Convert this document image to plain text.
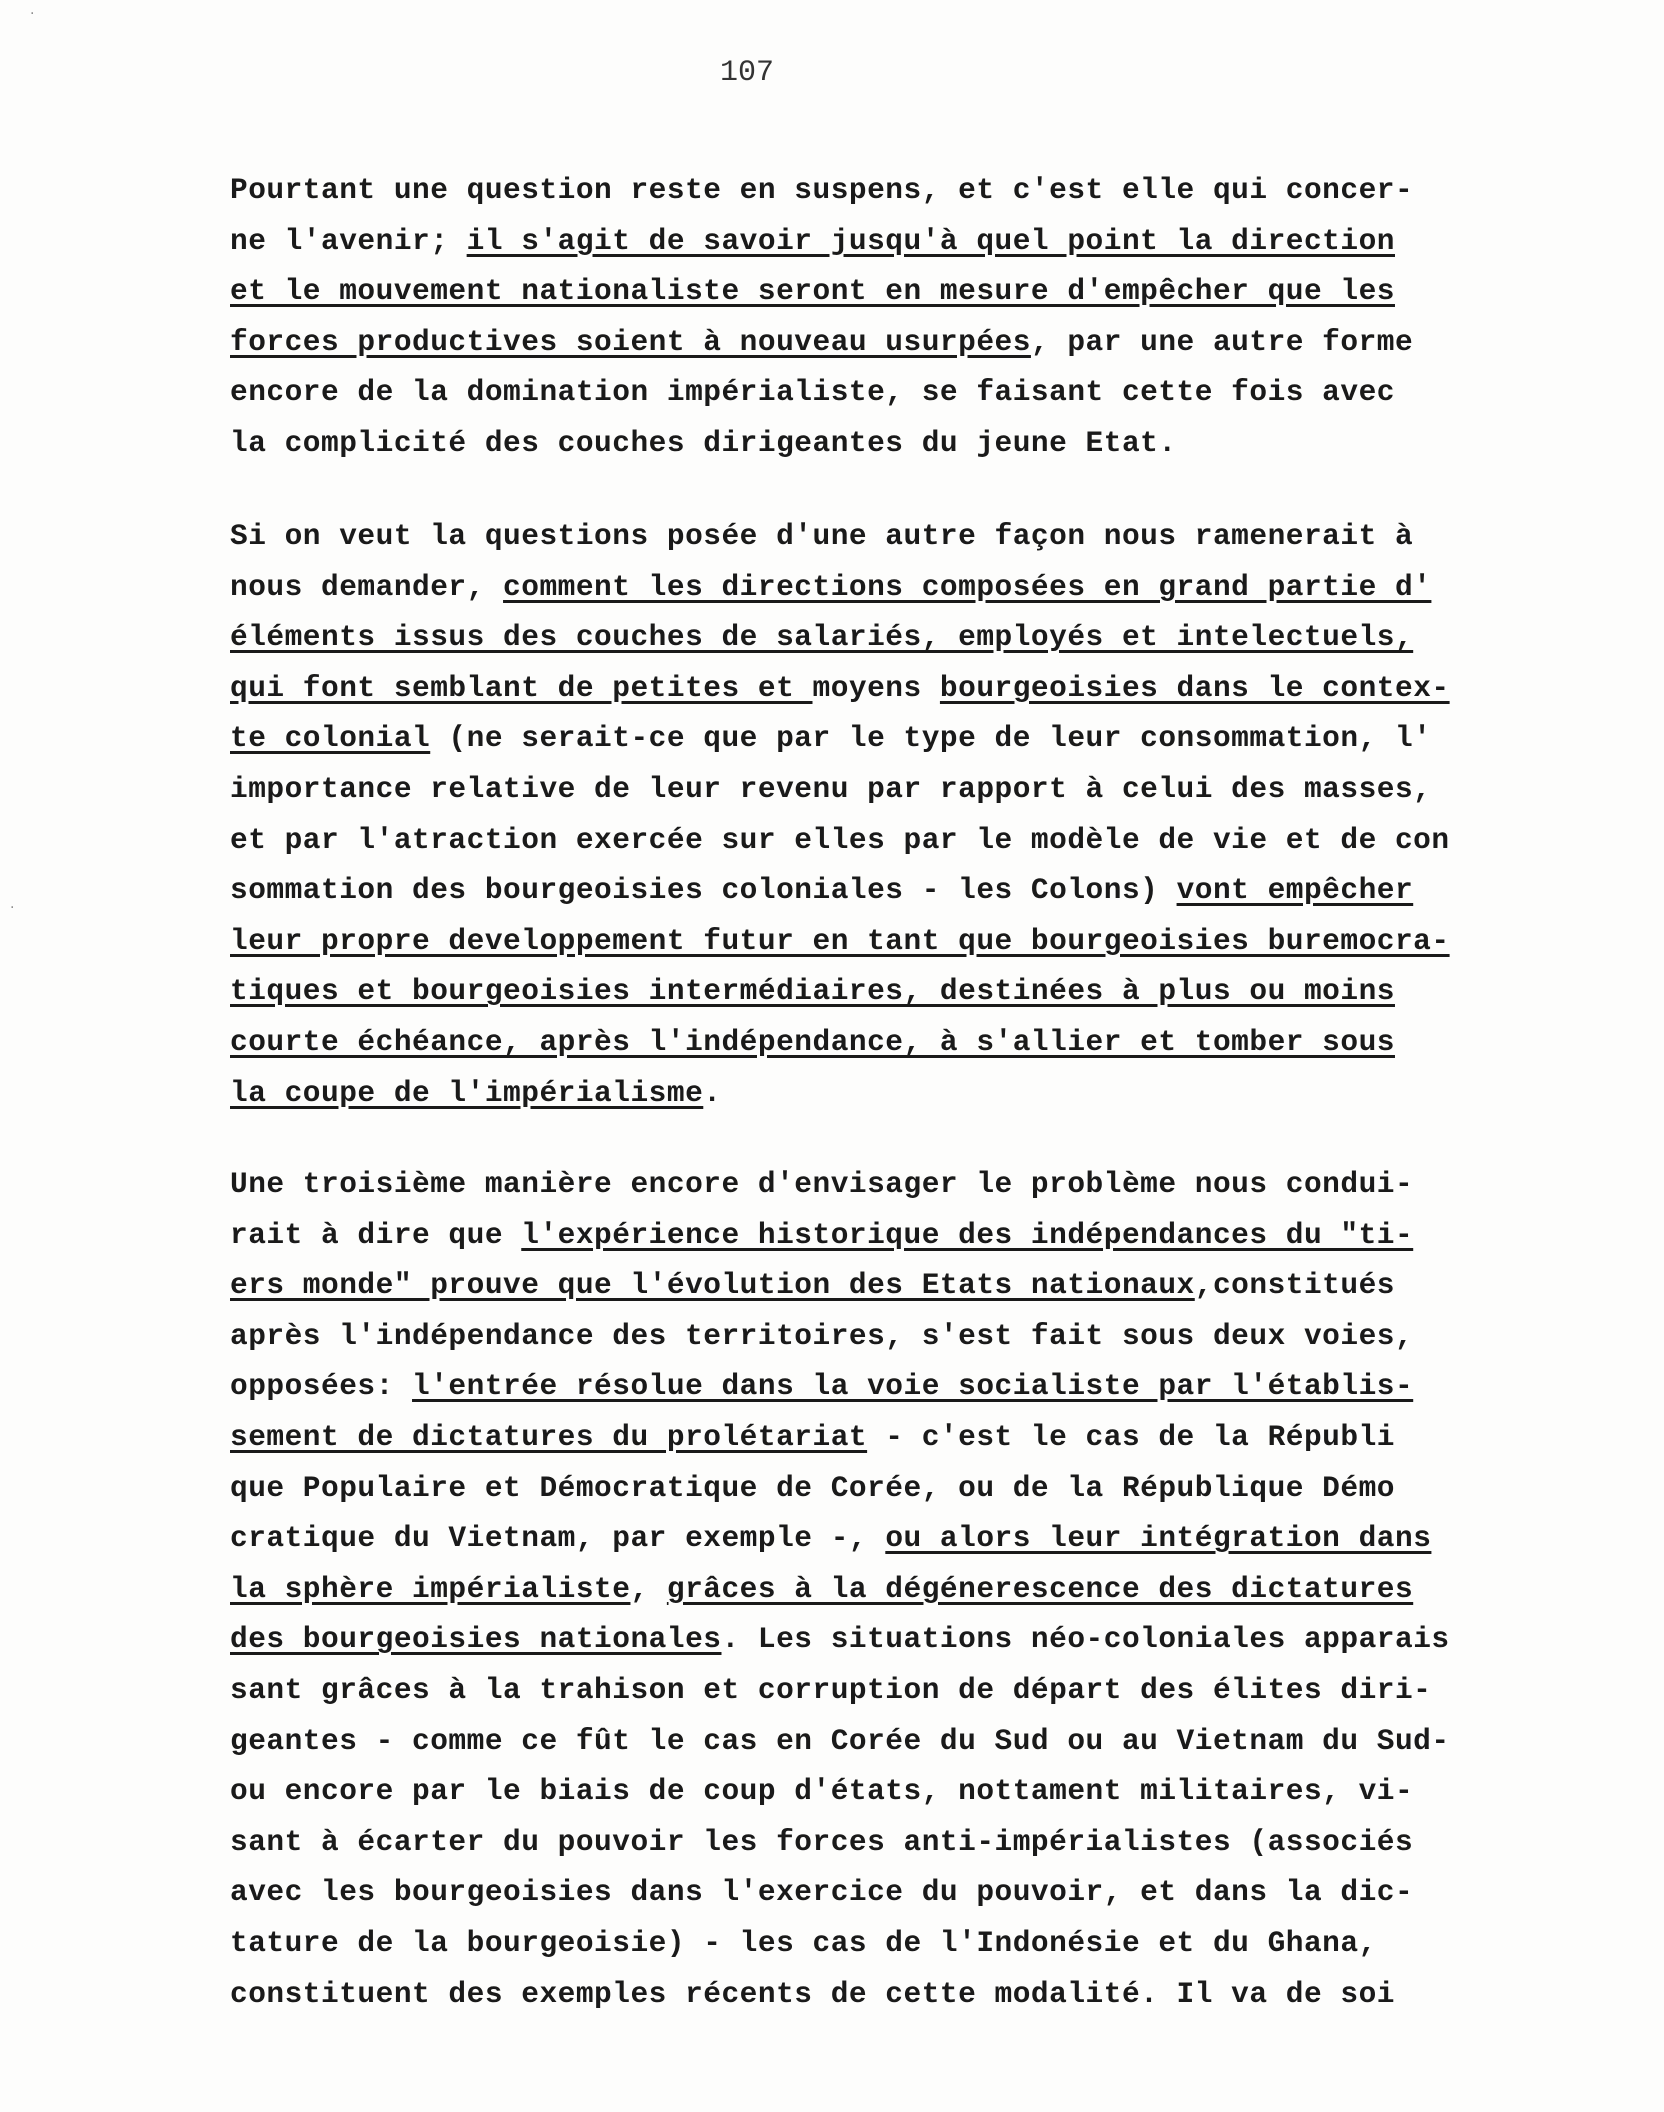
·
·
107
Pourtant une question reste en suspens, et c'est elle qui concer-
ne l'avenir; il s'agit de savoir jusqu'à quel point la direction
et le mouvement nationaliste seront en mesure d'empêcher que les
forces productives soient à nouveau usurpées, par une autre forme
encore de la domination impérialiste, se faisant cette fois avec
la complicité des couches dirigeantes du jeune Etat.
Si on veut la questions posée d'une autre façon nous ramenerait à
nous demander, comment les directions composées en grand partie d'
éléments issus des couches de salariés, employés et intelectuels,
qui font semblant de petites et moyens bourgeoisies dans le contex-
te colonial (ne serait-ce que par le type de leur consommation, l'
importance relative de leur revenu par rapport à celui des masses,
et par l'atraction exercée sur elles par le modèle de vie et de con
sommation des bourgeoisies coloniales - les Colons) vont empêcher
leur propre developpement futur en tant que bourgeoisies buremocra-
tiques et bourgeoisies intermédiaires, destinées à plus ou moins
courte échéance, après l'indépendance, à s'allier et tomber sous
la coupe de l'impérialisme.
Une troisième manière encore d'envisager le problème nous condui-
rait à dire que l'expérience historique des indépendances du "ti-
ers monde" prouve que l'évolution des Etats nationaux,constitués
après l'indépendance des territoires, s'est fait sous deux voies,
opposées: l'entrée résolue dans la voie socialiste par l'établis-
sement de dictatures du prolétariat - c'est le cas de la Républi
que Populaire et Démocratique de Corée, ou de la République Démo
cratique du Vietnam, par exemple -, ou alors leur intégration dans
la sphère impérialiste, grâces à la dégénerescence des dictatures
des bourgeoisies nationales. Les situations néo-coloniales apparais
sant grâces à la trahison et corruption de départ des élites diri-
geantes - comme ce fût le cas en Corée du Sud ou au Vietnam du Sud-
ou encore par le biais de coup d'états, nottament militaires, vi-
sant à écarter du pouvoir les forces anti-impérialistes (associés
avec les bourgeoisies dans l'exercice du pouvoir, et dans la dic-
tature de la bourgeoisie) - les cas de l'Indonésie et du Ghana,
constituent des exemples récents de cette modalité. Il va de soi
